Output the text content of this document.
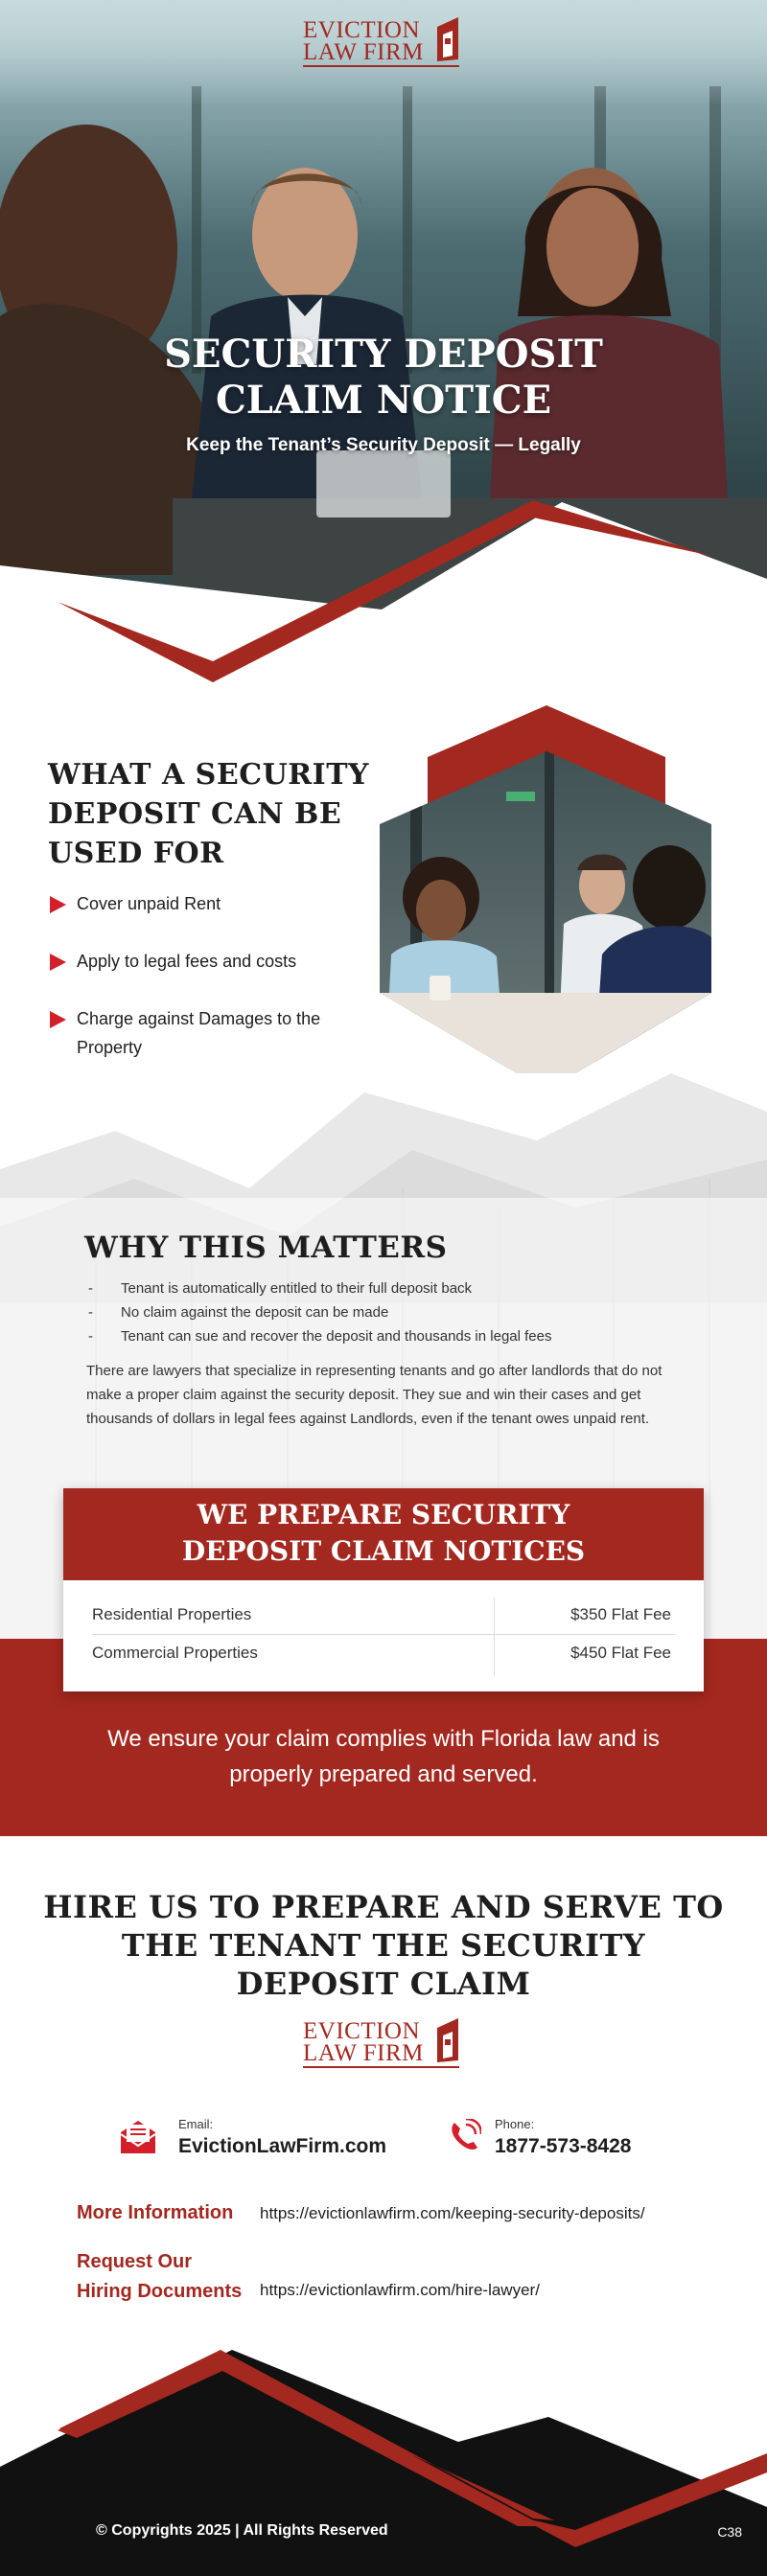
EVICTION
LAW FIRM
SECURITY DEPOSIT
CLAIM NOTICE
Keep the Tenant’s Security Deposit — Legally
WHAT A SECURITY DEPOSIT CAN BE USED FOR
Cover unpaid Rent
Apply to legal fees and costs
Charge against Damages to the Property
WHY THIS MATTERS
- Tenant is automatically entitled to their full deposit back
- No claim against the deposit can be made
- Tenant can sue and recover the deposit and thousands in legal fees
There are lawyers that specialize in representing tenants and go after landlords that do not make a proper claim against the security deposit. They sue and win their cases and get thousands of dollars in legal fees against Landlords, even if the tenant owes unpaid rent.
WE PREPARE SECURITY
DEPOSIT CLAIM NOTICES
Residential Properties	$350 Flat Fee
Commercial Properties	$450 Flat Fee
We ensure your claim complies with Florida law and is properly prepared and served.
HIRE US TO PREPARE AND SERVE TO
THE TENANT THE SECURITY
DEPOSIT CLAIM
EVICTION
LAW FIRM
Email:
EvictionLawFirm.com
Phone:
1877-573-8428
More Information https://evictionlawfirm.com/keeping-security-deposits/
Request Our
Hiring Documents https://evictionlawfirm.com/hire-lawyer/
© Copyrights 2025 | All Rights Reserved	C38
